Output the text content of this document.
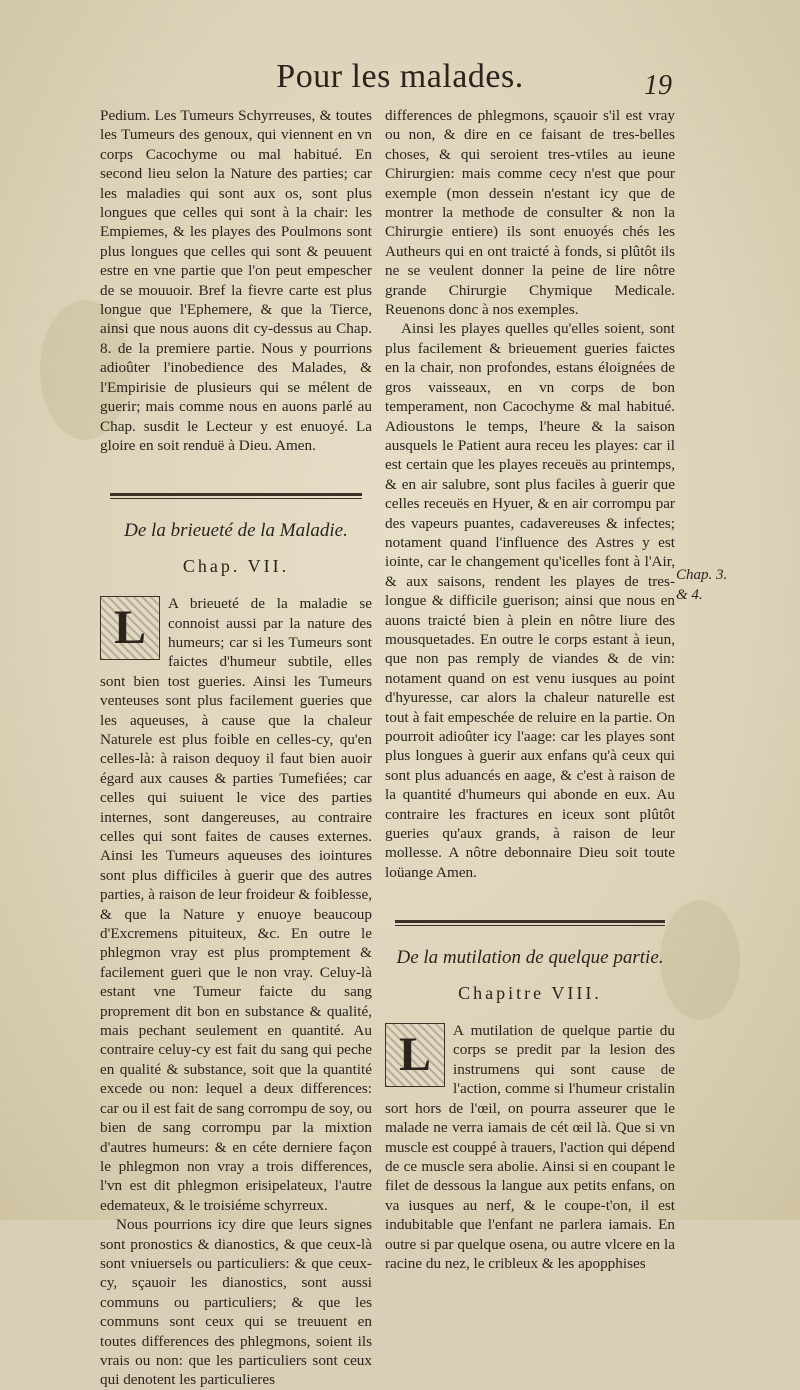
Pour les malades.	19

Pedium. Les Tumeurs Schyrreuses, & toutes les Tumeurs des genoux, qui viennent en vn corps Cacochyme ou mal habitué. En second lieu selon la Nature des parties; car les maladies qui sont aux os, sont plus longues que celles qui sont à la chair: les Empiemes, & les playes des Poulmons sont plus longues que celles qui sont & peuuent estre en vne partie que l'on peut empescher de se mouuoir. Bref la fievre carte est plus longue que l'Ephemere, & que la Tierce, ainsi que nous auons dit cy-dessus au Chap. 8. de la premiere partie. Nous y pourrions adioûter l'inobedience des Malades, & l'Empirisie de plusieurs qui se mélent de guerir; mais comme nous en auons parlé au Chap. susdit le Lecteur y est enuoyé. La gloire en soit renduë à Dieu. Amen.

De la brieueté de la Maladie.
Chap. VII.

L	A brieueté de la maladie se connoist aussi par la nature des humeurs; car si les Tumeurs sont faictes d'humeur subtile, elles sont bien tost gueries. Ainsi les Tumeurs venteuses sont plus facilement gueries que les aqueuses, à cause que la chaleur Naturele est plus foible en celles-cy, qu'en celles-là: à raison dequoy il faut bien auoir égard aux causes & parties Tumefiées; car celles qui suiuent le vice des parties internes, sont dangereuses, au contraire celles qui sont faites de causes externes. Ainsi les Tumeurs aqueuses des iointures sont plus difficiles à guerir que des autres parties, à raison de leur froideur & foiblesse, & que la Nature y enuoye beaucoup d'Excremens pituiteux, &c. En outre le phlegmon vray est plus promptement & facilement gueri que le non vray. Celuy-là estant vne Tumeur faicte du sang proprement dit bon en substance & qualité, mais pechant seulement en quantité. Au contraire celuy-cy est fait du sang qui peche en qualité & substance, soit que la quantité excede ou non: lequel a deux differences: car ou il est fait de sang corrompu de soy, ou bien de sang corrompu par la mixtion d'autres humeurs: & en céte derniere façon le phlegmon non vray a trois differences, l'vn est dit phlegmon erisipelateux, l'autre edemateux, & le troisiéme schyrreux.

Nous pourrions icy dire que leurs signes sont pronostics & dianostics, & que ceux-là sont vniuersels ou particuliers: & que ceux-cy, sçauoir les dianostics, sont aussi communs ou particuliers; & que les communs sont ceux qui se treuuent en toutes differences des phlegmons, soient ils vrais ou non: que les particuliers sont ceux qui denotent les particulieres

differences de phlegmons, sçauoir s'il est vray ou non, & dire en ce faisant de tres-belles choses, & qui seroient tres-vtiles au ieune Chirurgien: mais comme cecy n'est que pour exemple (mon dessein n'estant icy que de montrer la methode de consulter & non la Chirurgie entiere) ils sont enuoyés chés les Autheurs qui en ont traicté à fonds, si plûtôt ils ne se veulent donner la peine de lire nôtre grande Chirurgie Chymique Medicale. Reuenons donc à nos exemples.

Ainsi les playes quelles qu'elles soient, sont plus facilement & brieuement gueries faictes en la chair, non profondes, estans éloignées de gros vaisseaux, en vn corps de bon temperament, non Cacochyme & mal habitué. Adioustons le temps, l'heure & la saison ausquels le Patient aura receu les playes: car il est certain que les playes receuës au printemps, & en air salubre, sont plus faciles à guerir que celles receuës en Hyuer, & en air corrompu par des vapeurs puantes, cadavereuses & infectes; notament quand l'influence des Astres y est iointe, car le changement qu'icelles font à l'Air, & aux saisons, rendent les playes de tres-longue & difficile guerison; ainsi que nous en auons traicté bien à plein en nôtre liure des mousquetades. En outre le corps estant à ieun, que non pas remply de viandes & de vin: notament quand on est venu iusques au point d'hyuresse, car alors la chaleur naturelle est tout à fait empeschée de reluire en la partie. On pourroit adioûter icy l'aage: car les playes sont plus longues à guerir aux enfans qu'à ceux qui sont plus aduancés en aage, & c'est à raison de la quantité d'humeurs qui abonde en eux. Au contraire les fractures en iceux sont plûtôt gueries qu'aux grands, à raison de leur mollesse. A nôtre debonnaire Dieu soit toute loüange Amen.

De la mutilation de quelque partie.
Chapitre VIII.

L	A mutilation de quelque partie du corps se predit par la lesion des instrumens qui sont cause de l'action, comme si l'humeur cristalin sort hors de l'œil, on pourra asseurer que le malade ne verra iamais de cét œil là. Que si vn muscle est couppé à trauers, l'action qui dépend de ce muscle sera abolie. Ainsi si en coupant le filet de dessous la langue aux petits enfans, on va iusques au nerf, & le coupe-t'on, il est indubitable que l'enfant ne parlera iamais. En outre si par quelque osena, ou autre vlcere en la racine du nez, le cribleux & les apopphises

Chap. 3. & 4.
